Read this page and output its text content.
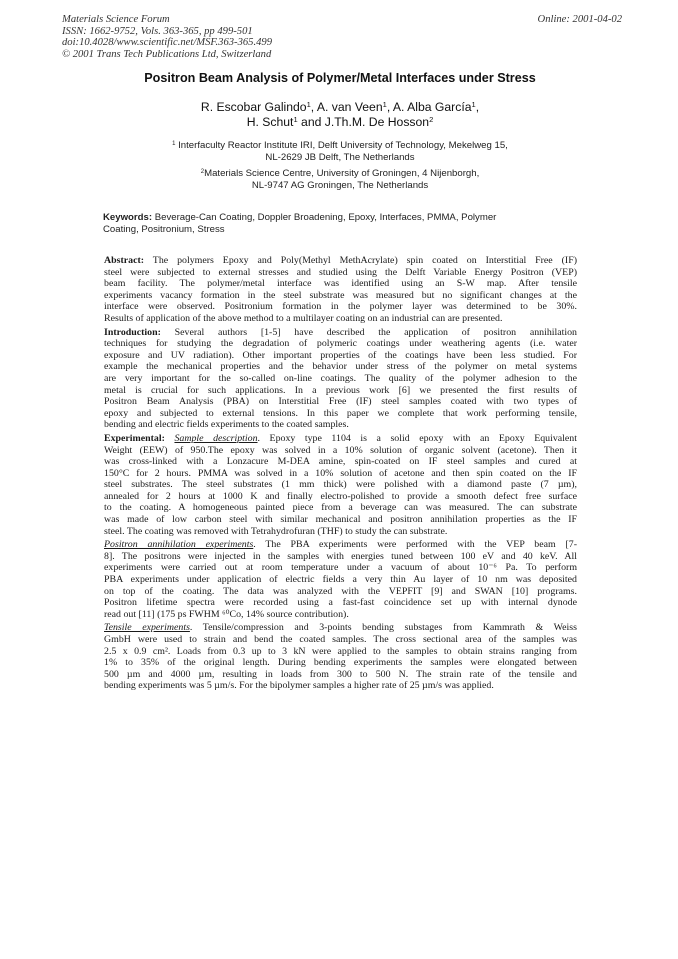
Materials Science Forum
ISSN: 1662-9752, Vols. 363-365, pp 499-501
doi:10.4028/www.scientific.net/MSF.363-365.499
© 2001 Trans Tech Publications Ltd, Switzerland
Online: 2001-04-02
Positron Beam Analysis of Polymer/Metal Interfaces under Stress
R. Escobar Galindo$^1$, A. van Veen$^1$, A. Alba García$^1$,
H. Schut$^1$ and J.Th.M. De Hosson$^2$
$^1$ Interfaculty Reactor Institute IRI, Delft University of Technology, Mekelweg 15,
NL-2629 JB Delft, The Netherlands
$^2$Materials Science Centre, University of Groningen, 4 Nijenborgh,
NL-9747 AG Groningen, The Netherlands
Keywords: Beverage-Can Coating, Doppler Broadening, Epoxy, Interfaces, PMMA, Polymer Coating, Positronium, Stress
Abstract: The polymers Epoxy and Poly(Methyl MethAcrylate) spin coated on Interstitial Free (IF)
steel were subjected to external stresses and studied using the Delft Variable Energy Positron (VEP)
beam facility. The polymer/metal interface was identified using an S-W map. After tensile
experiments vacancy formation in the steel substrate was measured but no significant changes at the
interface were observed. Positronium formation in the polymer layer was determined to be 30%.
Results of application of the above method to a multilayer coating on an industrial can are presented.
Introduction: Several authors [1-5] have described the application of positron annihilation
techniques for studying the degradation of polymeric coatings under weathering agents (i.e. water
exposure and UV radiation). Other important properties of the coatings have been less studied. For
example the mechanical properties and the behavior under stress of the polymer on metal systems
are very important for the so-called on-line coatings. The quality of the polymer adhesion to the
metal is crucial for such applications. In a previous work [6] we presented the first results of
Positron Beam Analysis (PBA) on Interstitial Free (IF) steel samples coated with two types of
epoxy and subjected to external tensions. In this paper we complete that work performing tensile,
bending and electric fields experiments to the coated samples.
Experimental: Sample description. Epoxy type 1104 is a solid epoxy with an Epoxy Equivalent
Weight (EEW) of 950.The epoxy was solved in a 10% solution of organic solvent (acetone). Then it
was cross-linked with a Lonzacure M-DEA amine, spin-coated on IF steel samples and cured at
150°C for 2 hours. PMMA was solved in a 10% solution of acetone and then spin coated on the IF
steel substrates. The steel substrates (1 mm thick) were polished with a diamond paste (7 µm),
annealed for 2 hours at 1000 K and finally electro-polished to provide a smooth defect free surface
to the coating. A homogeneous painted piece from a beverage can was measured. The can substrate
was made of low carbon steel with similar mechanical and positron annihilation properties as the IF
steel. The coating was removed with Tetrahydrofuran (THF) to study the can substrate.
Positron annihilation experiments. The PBA experiments were performed with the VEP beam [7-
8]. The positrons were injected in the samples with energies tuned between 100 eV and 40 keV. All
experiments were carried out at room temperature under a vacuum of about 10⁻⁶ Pa. To perform
PBA experiments under application of electric fields a very thin Au layer of 10 nm was deposited
on top of the coating. The data was analyzed with the VEPFIT [9] and SWAN [10] programs.
Positron lifetime spectra were recorded using a fast-fast coincidence set up with internal dynode
read out [11] (175 ps FWHM ⁶⁰Co, 14% source contribution).
Tensile experiments. Tensile/compression and 3-points bending substages from Kammrath & Weiss
GmbH were used to strain and bend the coated samples. The cross sectional area of the samples was
2.5 x 0.9 cm². Loads from 0.3 up to 3 kN were applied to the samples to obtain strains ranging from
1% to 35% of the original length. During bending experiments the samples were elongated between
500 µm and 4000 µm, resulting in loads from 300 to 500 N. The strain rate of the tensile and
bending experiments was 5 µm/s. For the bipolymer samples a higher rate of 25 µm/s was applied.
